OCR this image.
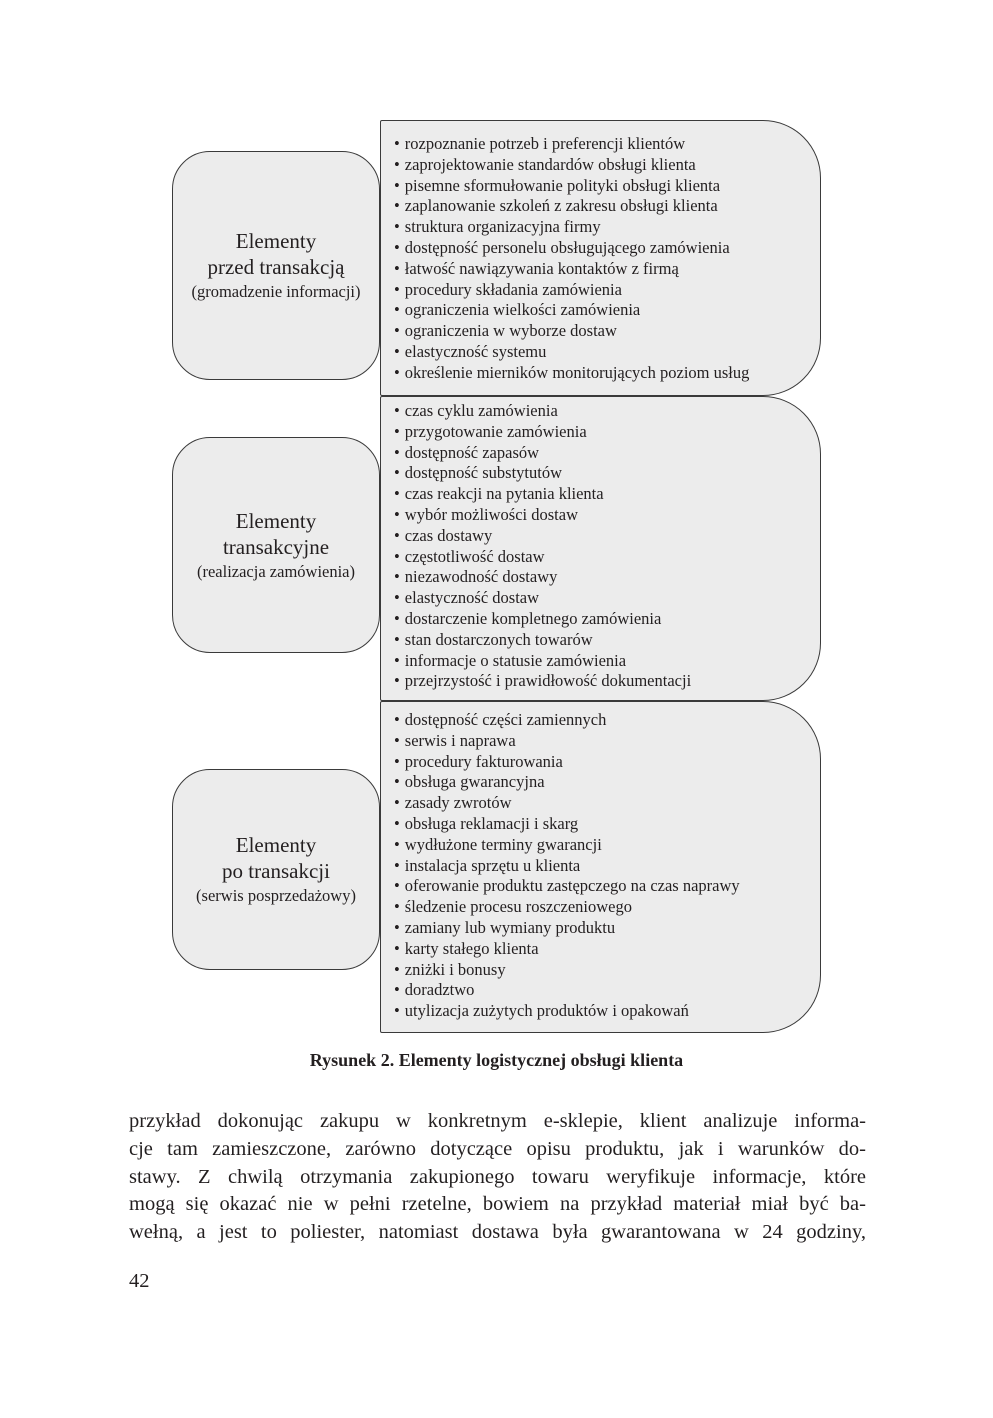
Elementy
przed transakcją
(gromadzenie informacji)
• rozpoznanie potrzeb i preferencji klientów
• zaprojektowanie standardów obsługi klienta
• pisemne sformułowanie polityki obsługi klienta
• zaplanowanie szkoleń z zakresu obsługi klienta
• struktura organizacyjna firmy
• dostępność personelu obsługującego zamówienia
• łatwość nawiązywania kontaktów z firmą
• procedury składania zamówienia
• ograniczenia wielkości zamówienia
• ograniczenia w wyborze dostaw
• elastyczność systemu
• określenie mierników monitorujących poziom usług
Elementy
transakcyjne
(realizacja zamówienia)
• czas cyklu zamówienia
• przygotowanie zamówienia
• dostępność zapasów
• dostępność substytutów
• czas reakcji na pytania klienta
• wybór możliwości dostaw
• czas dostawy
• częstotliwość dostaw
• niezawodność dostawy
• elastyczność dostaw
• dostarczenie kompletnego zamówienia
• stan dostarczonych towarów
• informacje o statusie zamówienia
• przejrzystość i prawidłowość dokumentacji
Elementy
po transakcji
(serwis posprzedażowy)
• dostępność części zamiennych
• serwis i naprawa
• procedury fakturowania
• obsługa gwarancyjna
• zasady zwrotów
• obsługa reklamacji i skarg
• wydłużone terminy gwarancji
• instalacja sprzętu u klienta
• oferowanie produktu zastępczego na czas naprawy
• śledzenie procesu roszczeniowego
• zamiany lub wymiany produktu
• karty stałego klienta
• zniżki i bonusy
• doradztwo
• utylizacja zużytych produktów i opakowań
Rysunek 2. Elementy logistycznej obsługi klienta
przykład dokonując zakupu w konkretnym e-sklepie, klient analizuje informa-
cje tam zamieszczone, zarówno dotyczące opisu produktu, jak i warunków do-
stawy. Z chwilą otrzymania zakupionego towaru weryfikuje informacje, które
mogą się okazać nie w pełni rzetelne, bowiem na przykład materiał miał być ba-
wełną, a jest to poliester, natomiast dostawa była gwarantowana w 24 godziny,
42
